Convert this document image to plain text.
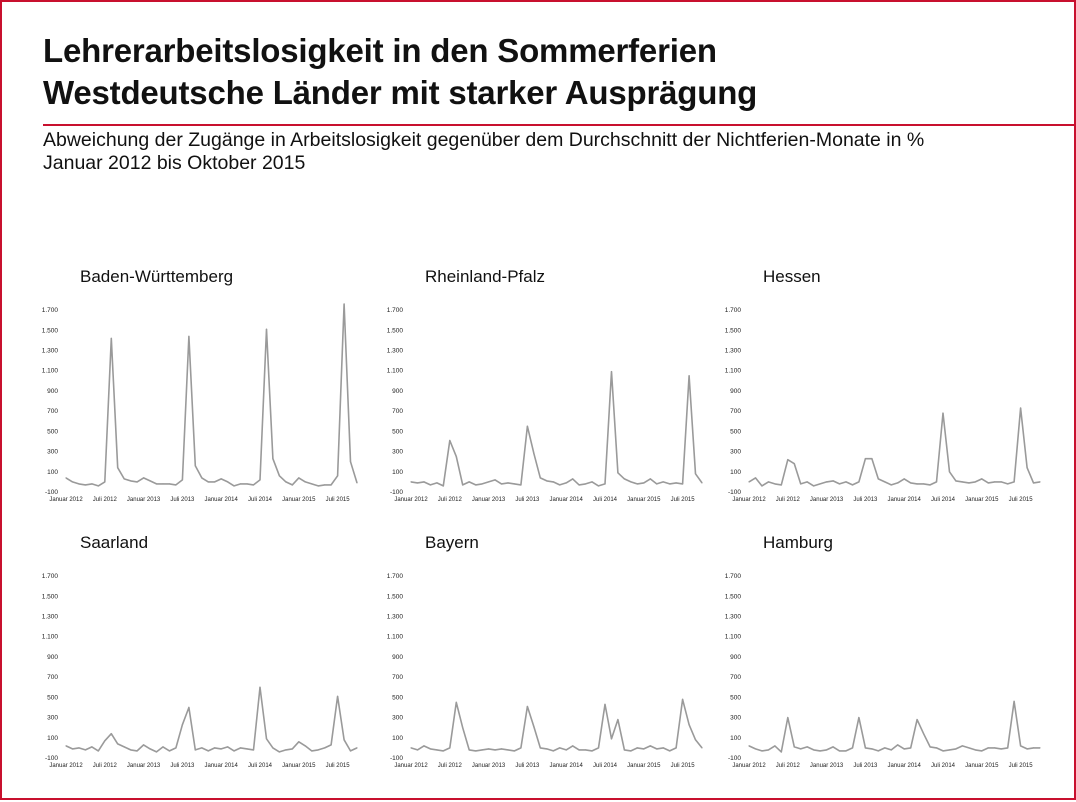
Lehrerarbeitslosigkeit in den Sommerferien
Westdeutsche Länder mit starker Ausprägung
Abweichung der Zugänge in Arbeitslosigkeit gegenüber dem Durchschnitt der Nichtferien-Monate in %
Januar 2012 bis Oktober 2015
Baden-Württemberg
-100
100
300
500
700
900
1.100
1.300
1.500
1.700
Januar 2012 Juli 2012 Januar 2013 Juli 2013 Januar 2014 Juli 2014 Januar 2015 Juli 2015
Rheinland-Pfalz
-100
100
300
500
700
900
1.100
1.300
1.500
1.700
Januar 2012 Juli 2012 Januar 2013 Juli 2013 Januar 2014 Juli 2014 Januar 2015 Juli 2015
Hessen
-100
100
300
500
700
900
1.100
1.300
1.500
1.700
Januar 2012 Juli 2012 Januar 2013 Juli 2013 Januar 2014 Juli 2014 Januar 2015 Juli 2015
Saarland
-100
100
300
500
700
900
1.100
1.300
1.500
1.700
Januar 2012 Juli 2012 Januar 2013 Juli 2013 Januar 2014 Juli 2014 Januar 2015 Juli 2015
Bayern
-100
100
300
500
700
900
1.100
1.300
1.500
1.700
Januar 2012 Juli 2012 Januar 2013 Juli 2013 Januar 2014 Juli 2014 Januar 2015 Juli 2015
Hamburg
-100
100
300
500
700
900
1.100
1.300
1.500
1.700
Januar 2012 Juli 2012 Januar 2013 Juli 2013 Januar 2014 Juli 2014 Januar 2015 Juli 2015
